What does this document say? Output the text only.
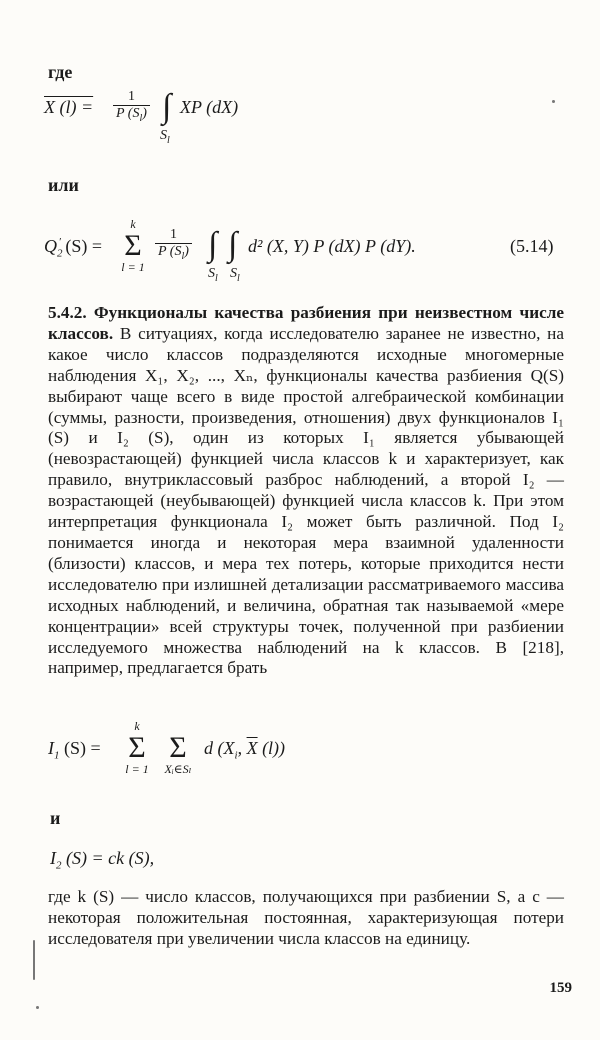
где
X $(l) = \frac{1}{P (S_l)}$ ∫ XP (dX)
$S_l$
или
$Q_2'$ (S) =
k
Σ
l = 1
$\frac{1}{P (S_l)}$ ∫ ∫ d² (X, Y) P (dX) P (dY).
$S_l$ $S_l$
(5.14)

5.4.2. Функционалы качества разбиения при неизвестном числе классов. В ситуациях, когда исследователю заранее не известно, на какое число классов подразделяются исходные многомерные наблюдения X₁, X₂, ..., Xₙ, функционалы качества разбиения Q(S) выбирают чаще всего в виде простой алгебраической комбинации (суммы, разности, произведения, отношения) двух функционалов I₁ (S) и I₂ (S), один из которых I₁ является убывающей (невозрастающей) функцией числа классов k и характеризует, как правило, внутриклассовый разброс наблюдений, а второй I₂ — возрастающей (неубывающей) функцией числа классов k. При этом интерпретация функционала I₂ может быть различной. Под I₂ понимается иногда и некоторая мера взаимной удаленности (близости) классов, и мера тех потерь, которые приходится нести исследователю при излишней детализации рассматриваемого массива исходных наблюдений, и величина, обратная так называемой «мере концентрации» всей структуры точек, полученной при разбиении исследуемого множества наблюдений на k классов. В [218], например, предлагается брать

$I_1$ (S) =
k
Σ
l = 1
Σ
Xᵢ∈Sₗ
d ($X_i$, $\overline{X}$ (l))
и
$I_2$ (S) = ck (S),

где k (S) — число классов, получающихся при разбиении S, а c — некоторая положительная постоянная, характеризующая потери исследователя при увеличении числа классов на единицу.

159
